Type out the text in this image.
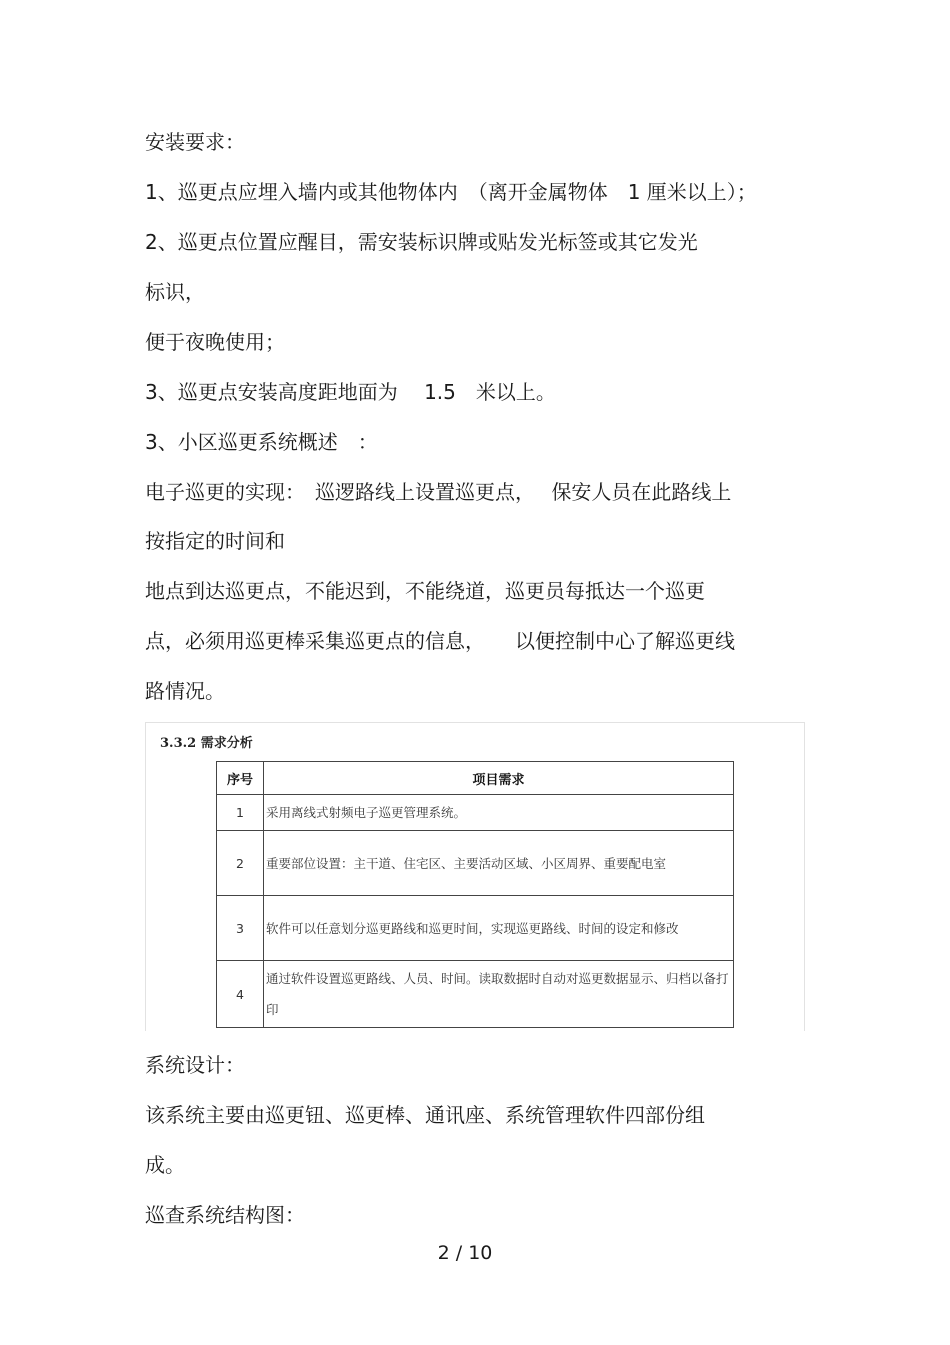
安装要求：
1、巡更点应埋入墙内或其他物体内　（离开金属物体　1 厘米以上）；
2、巡更点位置应醒目，需安装标识牌或贴发光标签或其它发光
标识，
便于夜晚使用；
3、巡更点安装高度距地面为　 1.5　米以上。
3、小区巡更系统概述　：
电子巡更的实现：　巡逻路线上设置巡更点，　 保安人员在此路线上
按指定的时间和
地点到达巡更点，不能迟到，不能绕道，巡更员每抵达一个巡更
点，必须用巡更棒采集巡更点的信息，　　以便控制中心了解巡更线
路情况。
3.3.2 需求分析
序号	项目需求
1	采用离线式射频电子巡更管理系统。
2	重要部位设置：主干道、住宅区、主要活动区域、小区周界、重要配电室
3	软件可以任意划分巡更路线和巡更时间，实现巡更路线、时间的设定和修改
4	通过软件设置巡更路线、人员、时间。读取数据时自动对巡更数据显示、归档以备打印
系统设计：
该系统主要由巡更钮、巡更棒、通讯座、系统管理软件四部份组
成。
巡查系统结构图：
2 / 10
